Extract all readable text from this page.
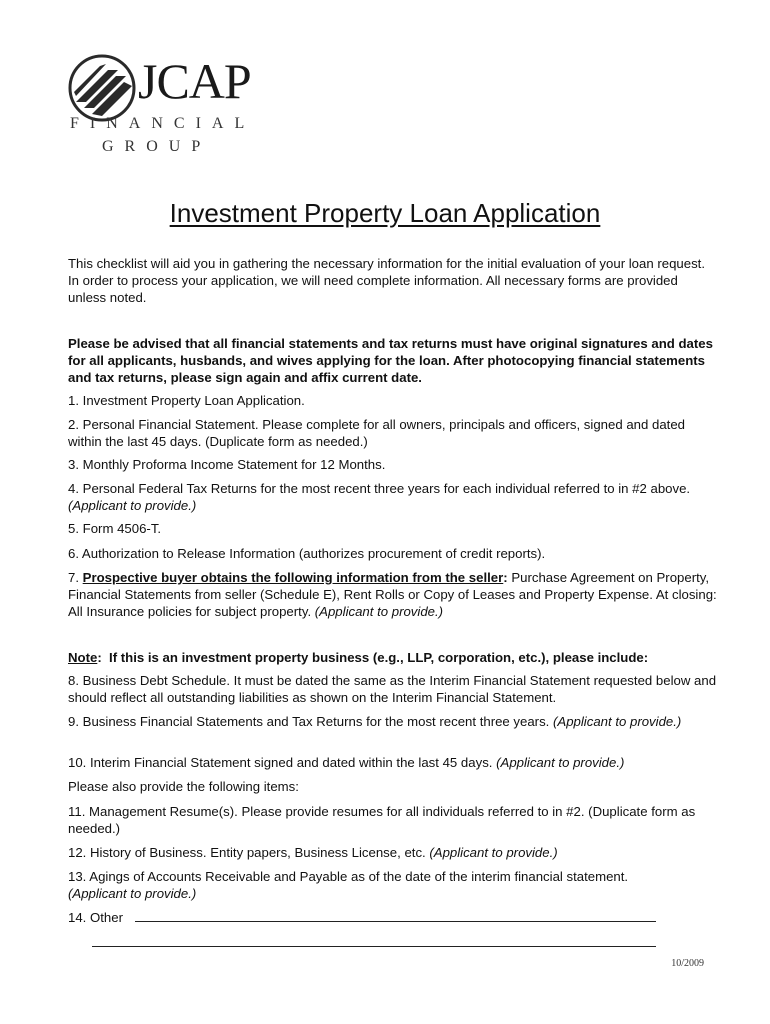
JCAP
FINANCIAL
GROUP
Investment Property Loan Application
This checklist will aid you in gathering the necessary information for the initial evaluation of your loan request. In order to process your application, we will need complete information. All necessary forms are provided unless noted.
Please be advised that all financial statements and tax returns must have original signatures and dates for all applicants, husbands, and wives applying for the loan. After photocopying financial statements and tax returns, please sign again and affix current date.
1. Investment Property Loan Application.
2. Personal Financial Statement. Please complete for all owners, principals and officers, signed and dated within the last 45 days. (Duplicate form as needed.)
3. Monthly Proforma Income Statement for 12 Months.
4. Personal Federal Tax Returns for the most recent three years for each individual referred to in #2 above. (Applicant to provide.)
5. Form 4506-T.
6. Authorization to Release Information (authorizes procurement of credit reports).
7. Prospective buyer obtains the following information from the seller: Purchase Agreement on Property, Financial Statements from seller (Schedule E), Rent Rolls or Copy of Leases and Property Expense. At closing: All Insurance policies for subject property. (Applicant to provide.)
Note:  If this is an investment property business (e.g., LLP, corporation, etc.), please include:
8. Business Debt Schedule. It must be dated the same as the Interim Financial Statement requested below and should reflect all outstanding liabilities as shown on the Interim Financial Statement.
9. Business Financial Statements and Tax Returns for the most recent three years. (Applicant to provide.)
10. Interim Financial Statement signed and dated within the last 45 days. (Applicant to provide.)
Please also provide the following items:
11. Management Resume(s). Please provide resumes for all individuals referred to in #2. (Duplicate form as needed.)
12. History of Business. Entity papers, Business License, etc. (Applicant to provide.)
13. Agings of Accounts Receivable and Payable as of the date of the interim financial statement.
(Applicant to provide.)
14. Other
10/2009
